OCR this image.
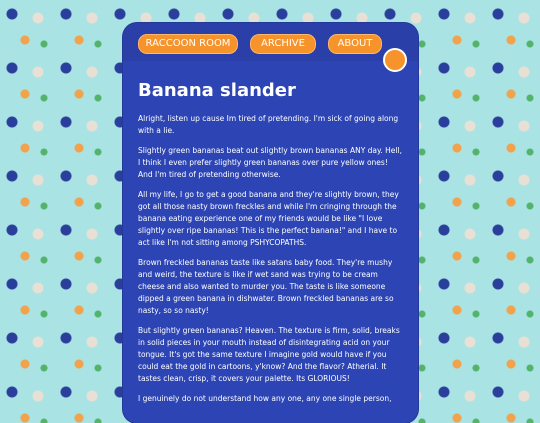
RACCOON ROOM	ARCHIVE	ABOUT
Banana slander

Alright, listen up cause Im tired of pretending. I'm sick of going along with a lie.

Slightly green bananas beat out slightly brown bananas ANY day. Hell, I think I even prefer slightly green bananas over pure yellow ones! And I'm tired of pretending otherwise.

All my life, I go to get a good banana and they're slightly brown, they got all those nasty brown freckles and while I'm cringing through the banana eating experience one of my friends would be like "I love slightly over ripe bananas! This is the perfect banana!" and I have to act like I'm not sitting among PSHYCOPATHS.

Brown freckled bananas taste like satans baby food. They're mushy and weird, the texture is like if wet sand was trying to be cream cheese and also wanted to murder you. The taste is like someone dipped a green banana in dishwater. Brown freckled bananas are so nasty, so so nasty!

But slightly green bananas? Heaven. The texture is firm, solid, breaks in solid pieces in your mouth instead of disintegrating acid on your tongue. It's got the same texture I imagine gold would have if you could eat the gold in cartoons, y'know? And the flavor? Atherial. It tastes clean, crisp, it covers your palette. Its GLORIOUS!

I genuinely do not understand how any one, any one single person,
